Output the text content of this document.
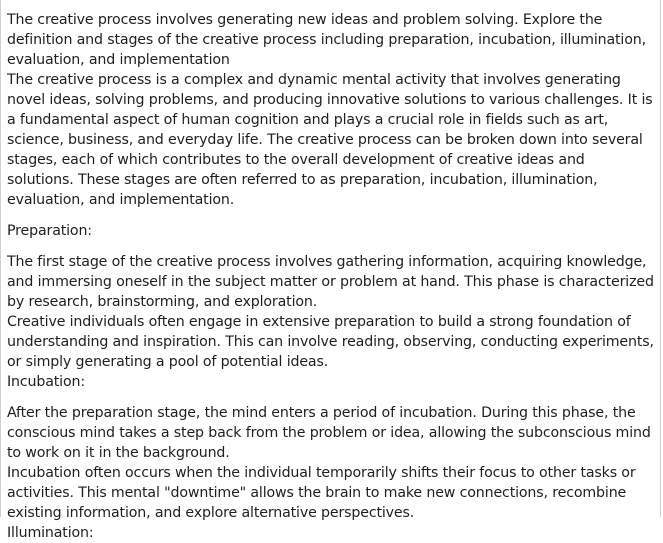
The creative process involves generating new ideas and problem solving. Explore the definition and stages of the creative process including preparation, incubation, illumination, evaluation, and implementation

The creative process is a complex and dynamic mental activity that involves generating novel ideas, solving problems, and producing innovative solutions to various challenges. It is a fundamental aspect of human cognition and plays a crucial role in fields such as art, science, business, and everyday life. The creative process can be broken down into several stages, each of which contributes to the overall development of creative ideas and solutions. These stages are often referred to as preparation, incubation, illumination, evaluation, and implementation.

Preparation:

The first stage of the creative process involves gathering information, acquiring knowledge, and immersing oneself in the subject matter or problem at hand. This phase is characterized by research, brainstorming, and exploration.

Creative individuals often engage in extensive preparation to build a strong foundation of understanding and inspiration. This can involve reading, observing, conducting experiments, or simply generating a pool of potential ideas.

Incubation:

After the preparation stage, the mind enters a period of incubation. During this phase, the conscious mind takes a step back from the problem or idea, allowing the subconscious mind to work on it in the background.

Incubation often occurs when the individual temporarily shifts their focus to other tasks or activities. This mental "downtime" allows the brain to make new connections, recombine existing information, and explore alternative perspectives.

Illumination:
